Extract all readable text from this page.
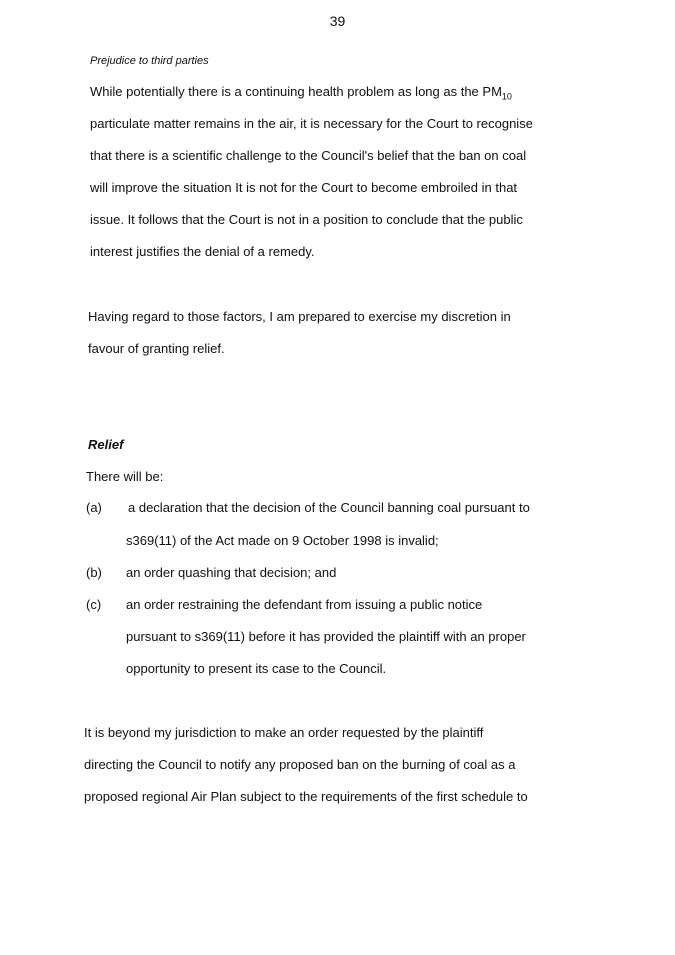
39
Prejudice to third parties
While potentially there is a continuing health problem as long as the $PM_{10}$
particulate matter remains in the air, it is necessary for the Court to recognise
that there is a scientific challenge to the Council's belief that the ban on coal
will improve the situation It is not for the Court to become embroiled in that
issue. It follows that the Court is not in a position to conclude that the public
interest justifies the denial of a remedy.
Having regard to those factors, I am prepared to exercise my discretion in
favour of granting relief.
Relief
There will be:
(a) a declaration that the decision of the Council banning coal pursuant to
s369(11) of the Act made on 9 October 1998 is invalid;
(b) an order quashing that decision; and
(c) an order restraining the defendant from issuing a public notice
pursuant to s369(11) before it has provided the plaintiff with an proper
opportunity to present its case to the Council.
It is beyond my jurisdiction to make an order requested by the plaintiff
directing the Council to notify any proposed ban on the burning of coal as a
proposed regional Air Plan subject to the requirements of the first schedule to
